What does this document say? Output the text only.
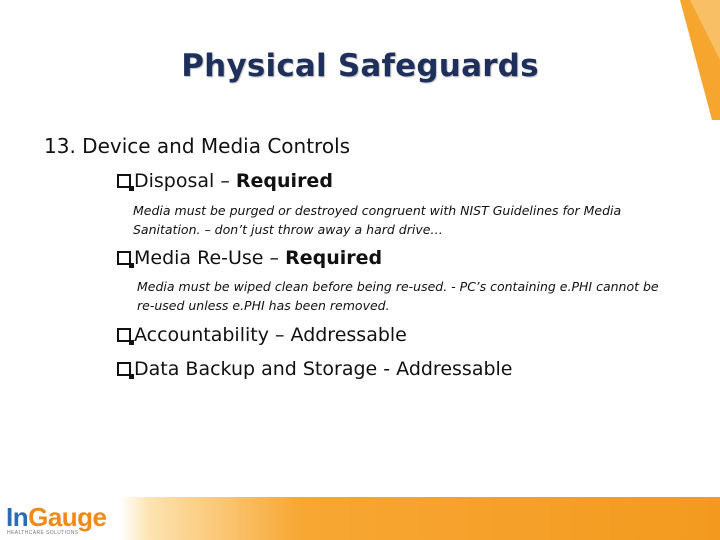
Physical Safeguards
13. Device and Media Controls
Disposal – Required
Media must be purged or destroyed congruent with NIST Guidelines for Media
Sanitation. – don’t just throw away a hard drive…
Media Re-Use – Required
Media must be wiped clean before being re-used. - PC’s containing e.PHI cannot be
re-used unless e.PHI has been removed.
Accountability – Addressable
Data Backup and Storage - Addressable
InGauge
HEALTHCARE SOLUTIONS
